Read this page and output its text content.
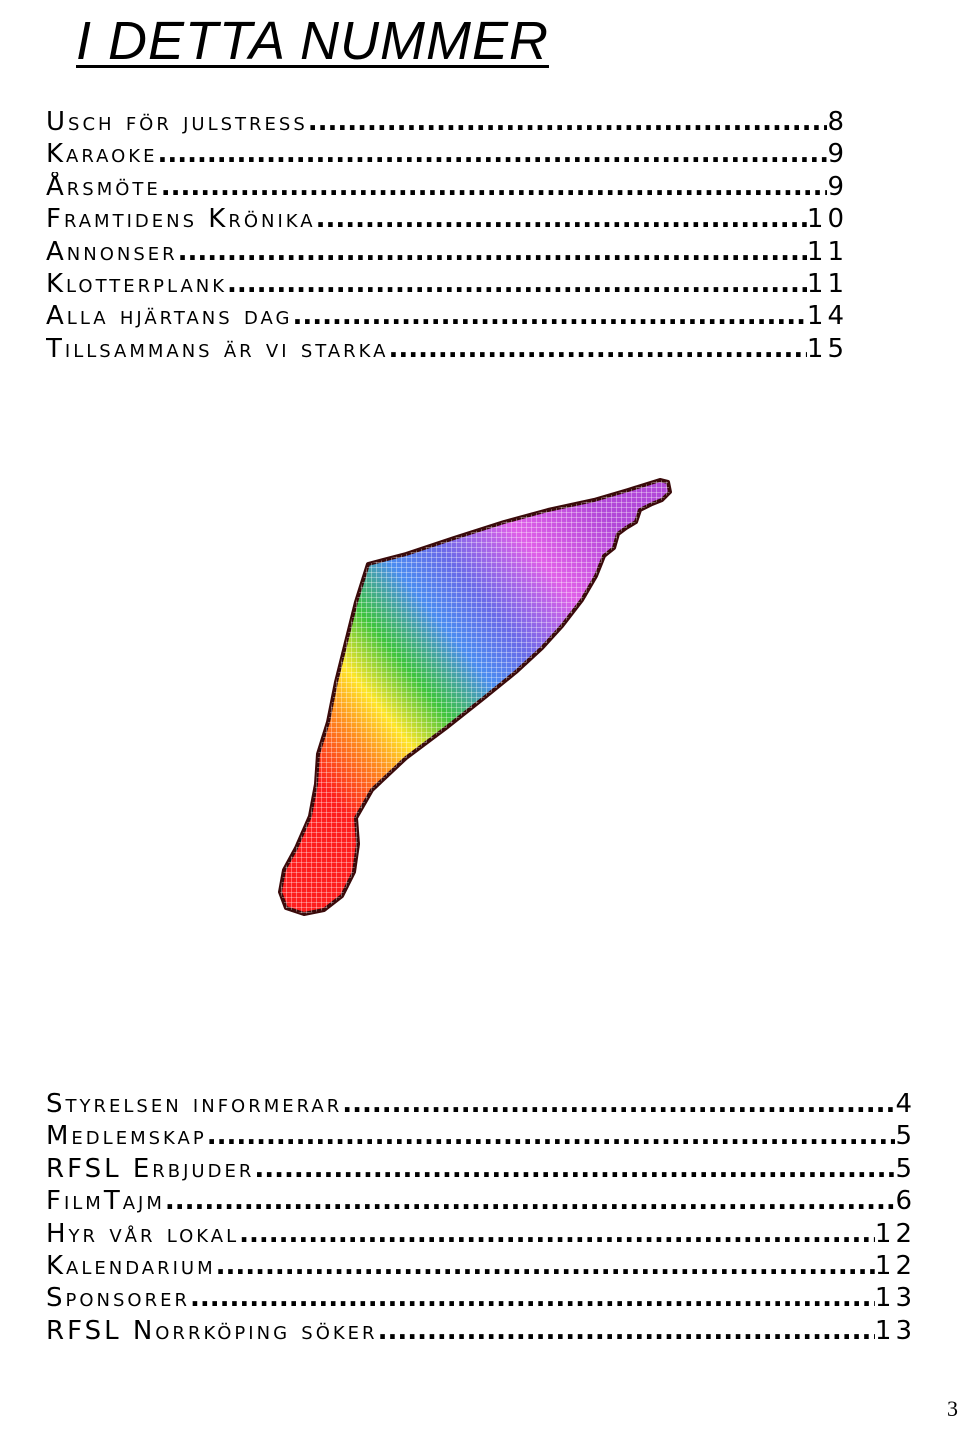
I DETTA NUMMER
Usch för julstress .....	8
Karaoke .....	9
Årsmöte .....	9
Framtidens Krönika .....	10
Annonser .....	11
Klotterplank .....	11
Alla hjärtans dag .....	14
Tillsammans är vi starka .....	15
Styrelsen informerar .....	4
Medlemskap .....	5
RFSL Erbjuder .....	5
FilmTajm .....	6
Hyr vår lokal .....	12
Kalendarium .....	12
Sponsorer .....	13
RFSL Norrköping söker .....	13
3
